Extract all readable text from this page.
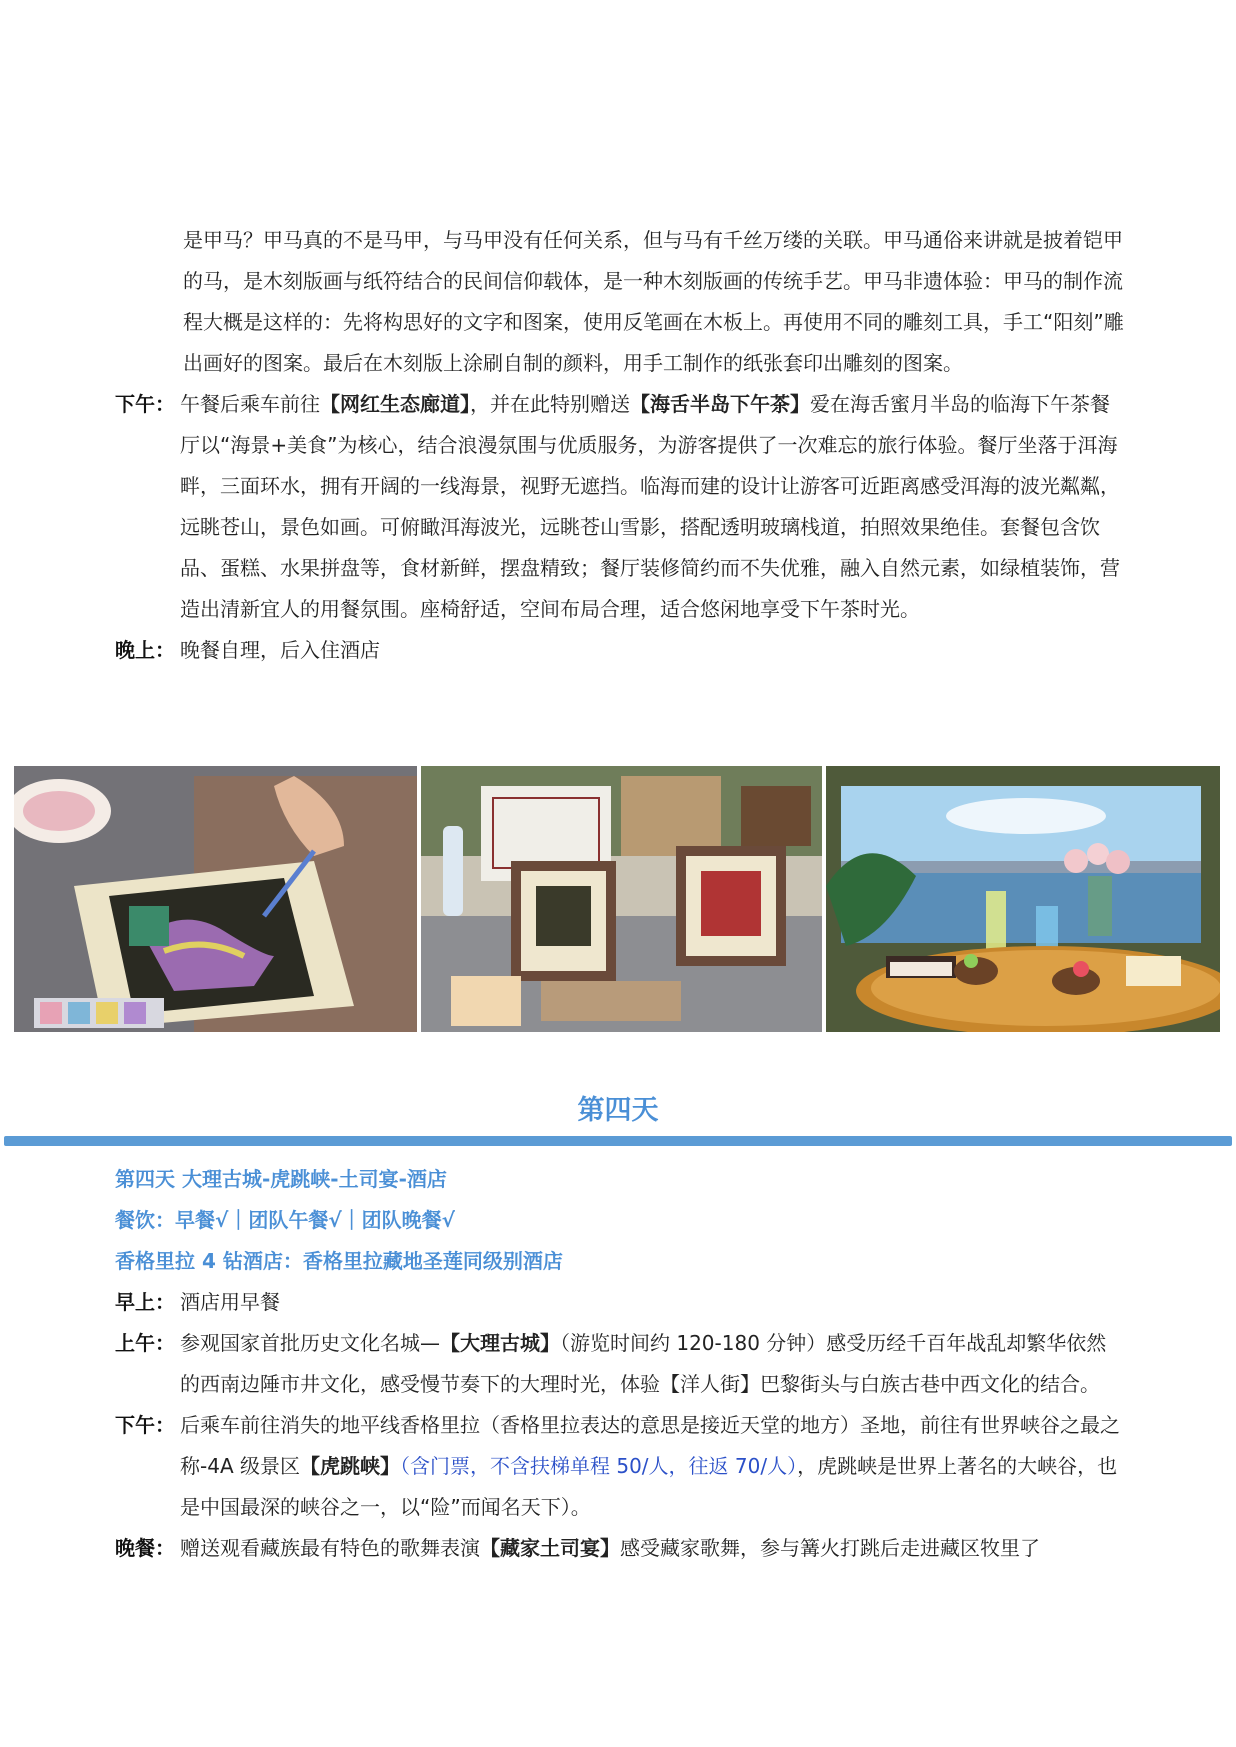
是甲马？甲马真的不是马甲，与马甲没有任何关系，但与马有千丝万缕的关联。甲马通俗来讲就是披着铠甲的马，是木刻版画与纸符结合的民间信仰载体，是一种木刻版画的传统手艺。甲马非遗体验：甲马的制作流程大概是这样的：先将构思好的文字和图案，使用反笔画在木板上。再使用不同的雕刻工具，手工“阳刻”雕出画好的图案。最后在木刻版上涂刷自制的颜料，用手工制作的纸张套印出雕刻的图案。

下午： 午餐后乘车前往【网红生态廊道】，并在此特别赠送【海舌半岛下午茶】爱在海舌蜜月半岛的临海下午茶餐厅以“海景+美食”为核心，结合浪漫氛围与优质服务，为游客提供了一次难忘的旅行体验。餐厅坐落于洱海畔，三面环水，拥有开阔的一线海景，视野无遮挡。临海而建的设计让游客可近距离感受洱海的波光粼粼，远眺苍山，景色如画。可俯瞰洱海波光，远眺苍山雪影，搭配透明玻璃栈道，拍照效果绝佳。套餐包含饮品、蛋糕、水果拼盘等，食材新鲜，摆盘精致；餐厅装修简约而不失优雅，融入自然元素，如绿植装饰，营造出清新宜人的用餐氛围。座椅舒适，空间布局合理，适合悠闲地享受下午茶时光。

晚上： 晚餐自理，后入住酒店

第四天
第四天 大理古城-虎跳峡-土司宴-酒店
餐饮：早餐√｜团队午餐√｜团队晚餐√
香格里拉 4 钻酒店：香格里拉藏地圣莲同级别酒店

早上： 酒店用早餐

上午： 参观国家首批历史文化名城—【大理古城】（游览时间约 120-180 分钟）感受历经千百年战乱却繁华依然的西南边陲市井文化，感受慢节奏下的大理时光，体验【洋人街】巴黎街头与白族古巷中西文化的结合。

下午： 后乘车前往消失的地平线香格里拉（香格里拉表达的意思是接近天堂的地方）圣地，前往有世界峡谷之最之称-4A 级景区【虎跳峡】（含门票，不含扶梯单程 50/人，往返 70/人），虎跳峡是世界上著名的大峡谷，也是中国最深的峡谷之一，以“险”而闻名天下）。

晚餐： 赠送观看藏族最有特色的歌舞表演【藏家土司宴】感受藏家歌舞，参与篝火打跳后走进藏区牧里了
